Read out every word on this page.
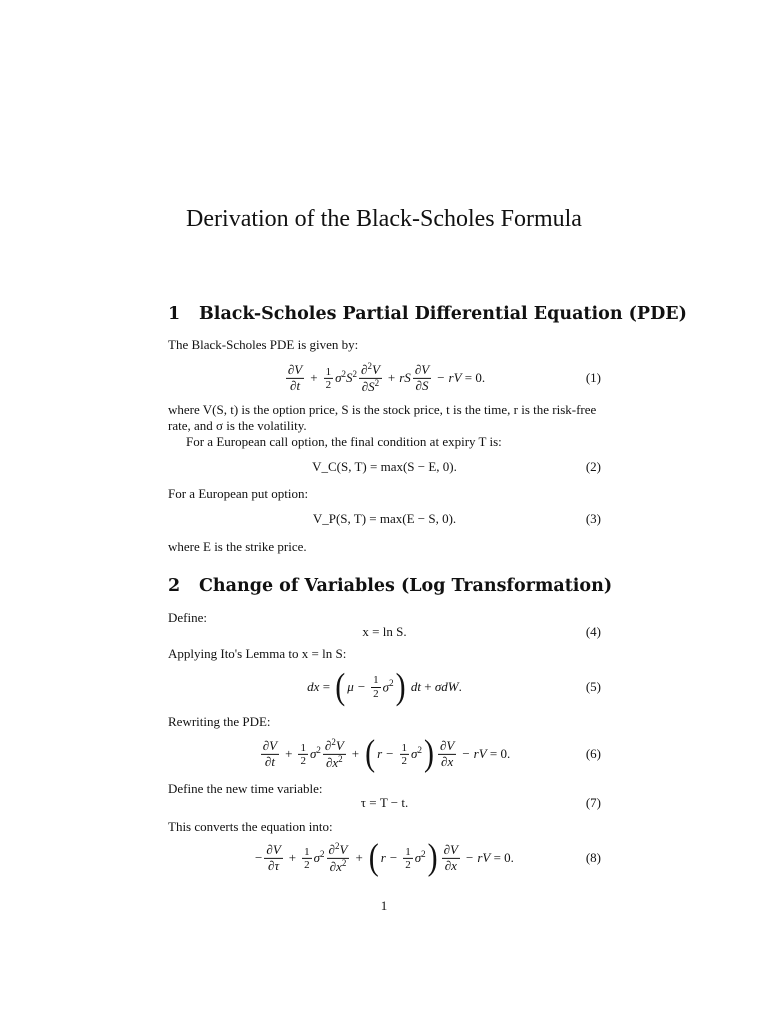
Derivation of the Black-Scholes Formula
1 Black-Scholes Partial Differential Equation (PDE)
The Black-Scholes PDE is given by:
$\frac{\partial V}{\partial t} + \frac{1}{2} \sigma^2S^2 \frac{\partial^2V}{\partial S^2}$ + rS $\frac{\partial V}{\partial S}$ − rV = 0.	(1)
where V(S, t) is the option price, S is the stock price, t is the time, r is the risk-free rate, and σ is the volatility.
For a European call option, the final condition at expiry T is:
V_C(S, T) = max(S − E, 0).	(2)
For a European put option:
V_P(S, T) = max(E − S, 0).	(3)
where E is the strike price.
2 Change of Variables (Log Transformation)
Define:
x = ln S.	(4)
Applying Ito's Lemma to x = ln S:
dx = ( $\mu - \frac{1}{2} \sigma^2$ ) dt + σdW.	(5)
Rewriting the PDE:
$\frac{\partial V}{\partial t} + \frac{1}{2} \sigma^2 \frac{\partial^2V}{\partial x^2}$ + ( $r - \frac{1}{2} \sigma^2$ ) $\frac{\partial V}{\partial x}$ − rV = 0.	(6)
Define the new time variable:
τ = T − t.	(7)
This converts the equation into:
− $\frac{\partial V}{\partial\tau} + \frac{1}{2} \sigma^2 \frac{\partial^2V}{\partial x^2}$ + ( $r - \frac{1}{2} \sigma^2$ ) $\frac{\partial V}{\partial x}$ − rV = 0.	(8)
1
